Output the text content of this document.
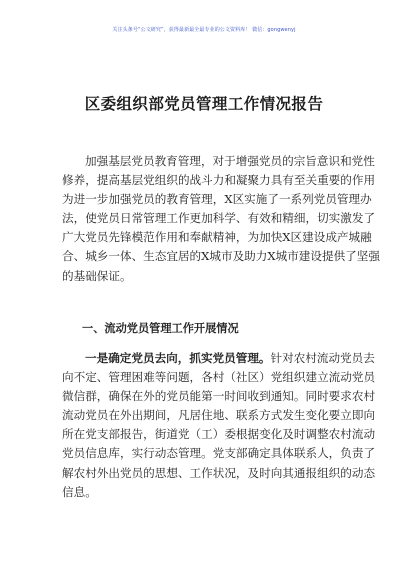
关注头条号“公文研究”，获得最新最全最专业的公文资料库！ 微信：gongwenyj
区委组织部党员管理工作情况报告
加强基层党员教育管理，对于增强党员的宗旨意识和党性
修养，提高基层党组织的战斗力和凝聚力具有至关重要的作用
为进一步加强党员的教育管理，X区实施了一系列党员管理办
法，使党员日常管理工作更加科学、有效和精细，切实激发了
广大党员先锋模范作用和奉献精神，为加快X区建设成产城融
合、城乡一体、生态宜居的X城市及助力X城市建设提供了坚强
的基础保证。
一、流动党员管理工作开展情况
一是确定党员去向，抓实党员管理。针对农村流动党员去
向不定、管理困难等问题，各村（社区）党组织建立流动党员
微信群，确保在外的党员能第一时间收到通知。同时要求农村
流动党员在外出期间，凡居住地、联系方式发生变化要立即向
所在党支部报告，街道党（工）委根据变化及时调整农村流动
党员信息库，实行动态管理。党支部确定具体联系人，负责了
解农村外出党员的思想、工作状况，及时向其通报组织的动态
信息。
